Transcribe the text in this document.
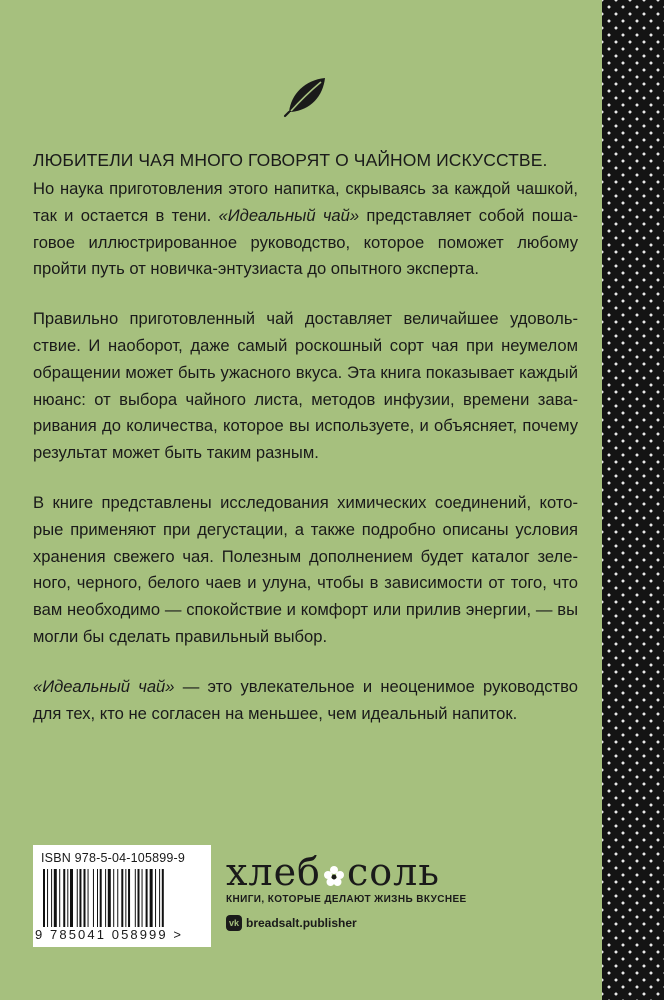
ЛЮБИТЕЛИ ЧАЯ МНОГО ГОВОРЯТ О ЧАЙНОМ ИСКУССТВЕ.

Но наука приготовления этого напитка, скрываясь за каждой чашкой, так и остается в тени. «Идеальный чай» представляет собой пошаговое иллюстрированное руководство, которое поможет любому пройти путь от новичка-энтузиаста до опытного эксперта.

Правильно приготовленный чай доставляет величайшее удовольствие. И наоборот, даже самый роскошный сорт чая при неумелом обращении может быть ужасного вкуса. Эта книга показывает каждый нюанс: от выбора чайного листа, методов инфузии, времени заваривания до количества, которое вы используете, и объясняет, почему результат может быть таким разным.

В книге представлены исследования химических соединений, которые применяют при дегустации, а также подробно описаны условия хранения свежего чая. Полезным дополнением будет каталог зеленого, черного, белого чаев и улуна, чтобы в зависимости от того, что вам необходимо — спокойствие и комфорт или прилив энергии, — вы могли бы сделать правильный выбор.

«Идеальный чай» — это увлекательное и неоценимое руководство для тех, кто не согласен на меньшее, чем идеальный напиток.

ISBN 978-5-04-105899-9
9 785041 058999 >
хлеб соль
КНИГИ, КОТОРЫЕ ДЕЛАЮТ ЖИЗНЬ ВКУСНЕЕ
vk breadsalt.publisher
